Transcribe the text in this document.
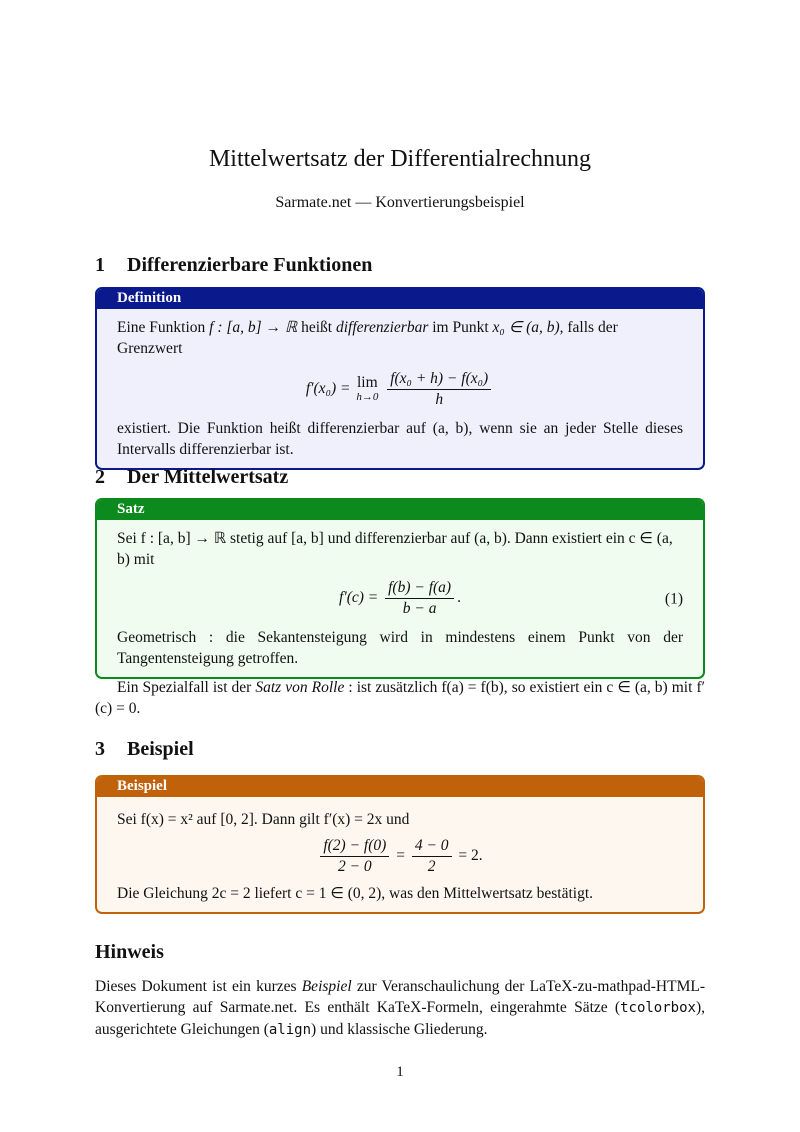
Mittelwertsatz der Differentialrechnung
Sarmate.net — Konvertierungsbeispiel
1 Differenzierbare Funktionen
Definition
Eine Funktion f : [a, b] → ℝ heißt differenzierbar im Punkt x₀ ∈ (a, b), falls der Grenzwert
f′(x₀) = lim
h→0
$\frac{\text{f(x₀ + h) − f(x₀)}}{h}$
existiert. Die Funktion heißt differenzierbar auf (a, b), wenn sie an jeder Stelle dieses Intervalls differenzierbar ist.
2 Der Mittelwertsatz
Satz
Sei f : [a, b] → ℝ stetig auf [a, b] und differenzierbar auf (a, b). Dann existiert ein c ∈ (a, b) mit
$f'(c) = \frac{f(b) - f(a)}{b - a}$ .	(1)
Geometrisch : die Sekantensteigung wird in mindestens einem Punkt von der Tangentensteigung getroffen.
Ein Spezialfall ist der Satz von Rolle : ist zusätzlich f(a) = f(b), so existiert ein c ∈ (a, b) mit f′(c) = 0.
3 Beispiel
Beispiel
Sei f(x) = x² auf [0, 2]. Dann gilt f′(x) = 2x und
$\frac{f(2) - f(0)}{2 - 0} = \frac{4 - 0}{2} = 2$.
Die Gleichung 2c = 2 liefert c = 1 ∈ (0, 2), was den Mittelwertsatz bestätigt.
Hinweis
Dieses Dokument ist ein kurzes Beispiel zur Veranschaulichung der LaTeX-zu-mathpad-HTML-Konvertierung auf Sarmate.net. Es enthält KaTeX-Formeln, eingerahmte Sätze (tcolorbox), ausgerichtete Gleichungen (align) und klassische Gliederung.
1
